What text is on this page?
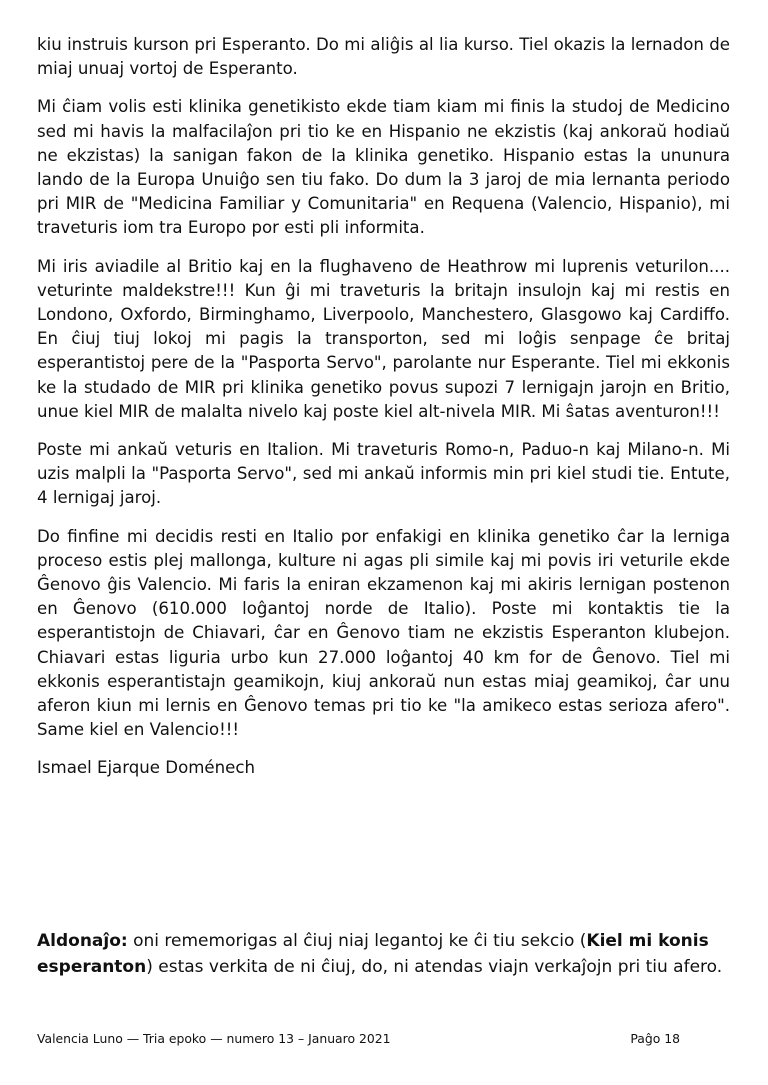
kiu instruis kurson pri Esperanto. Do mi aliĝis al lia kurso. Tiel okazis la lernadon de miaj unuaj vortoj de Esperanto.

Mi ĉiam volis esti klinika genetikisto ekde tiam kiam mi finis la studoj de Medicino sed mi havis la malfacilaĵon pri tio ke en Hispanio ne ekzistis (kaj ankoraŭ hodiaŭ ne ekzistas) la sanigan fakon de la klinika genetiko. Hispanio estas la ununura lando de la Europa Unuiĝo sen tiu fako. Do dum la 3 jaroj de mia lernanta periodo pri MIR de "Medicina Familiar y Comunitaria" en Requena (Valencio, Hispanio), mi traveturis iom tra Europo por esti pli informita.

Mi iris aviadile al Britio kaj en la flughaveno de Heathrow mi luprenis veturilon.... veturinte maldekstre!!! Kun ĝi mi traveturis la britajn insulojn kaj mi restis en Londono, Oxfordo, Birminghamo, Liverpoolo, Manchestero, Glasgowo kaj Cardiffo. En ĉiuj tiuj lokoj mi pagis la transporton, sed mi loĝis senpage ĉe britaj esperantistoj pere de la "Pasporta Servo", parolante nur Esperante. Tiel mi ekkonis ke la studado de MIR pri klinika genetiko povus supozi 7 lernigajn jarojn en Britio, unue kiel MIR de malalta nivelo kaj poste kiel alt-nivela MIR. Mi ŝatas aventuron!!!

Poste mi ankaŭ veturis en Italion. Mi traveturis Romo-n, Paduo-n kaj Milano-n. Mi uzis malpli la "Pasporta Servo", sed mi ankaŭ informis min pri kiel studi tie. Entute, 4 lernigaj jaroj.

Do finfine mi decidis resti en Italio por enfakigi en klinika genetiko ĉar la lerniga proceso estis plej mallonga, kulture ni agas pli simile kaj mi povis iri veturile ekde Ĝenovo ĝis Valencio. Mi faris la eniran ekzamenon kaj mi akiris lernigan postenon en Ĝenovo (610.000 loĝantoj norde de Italio). Poste mi kontaktis tie la esperantistojn de Chiavari, ĉar en Ĝenovo tiam ne ekzistis Esperanton klubejon. Chiavari estas liguria urbo kun 27.000 loĝantoj 40 km for de Ĝenovo. Tiel mi ekkonis esperantistajn geamikojn, kiuj ankoraŭ nun estas miaj geamikoj, ĉar unu aferon kiun mi lernis en Ĝenovo temas pri tio ke "la amikeco estas serioza afero". Same kiel en Valencio!!!

Ismael Ejarque Doménech

Aldonaĵo: oni rememorigas al ĉiuj niaj legantoj ke ĉi tiu sekcio (Kiel mi konis esperanton) estas verkita de ni ĉiuj, do, ni atendas viajn verkaĵojn pri tiu afero.

Valencia Luno — Tria epoko — numero 13 – Januaro 2021	Paĝo 18
